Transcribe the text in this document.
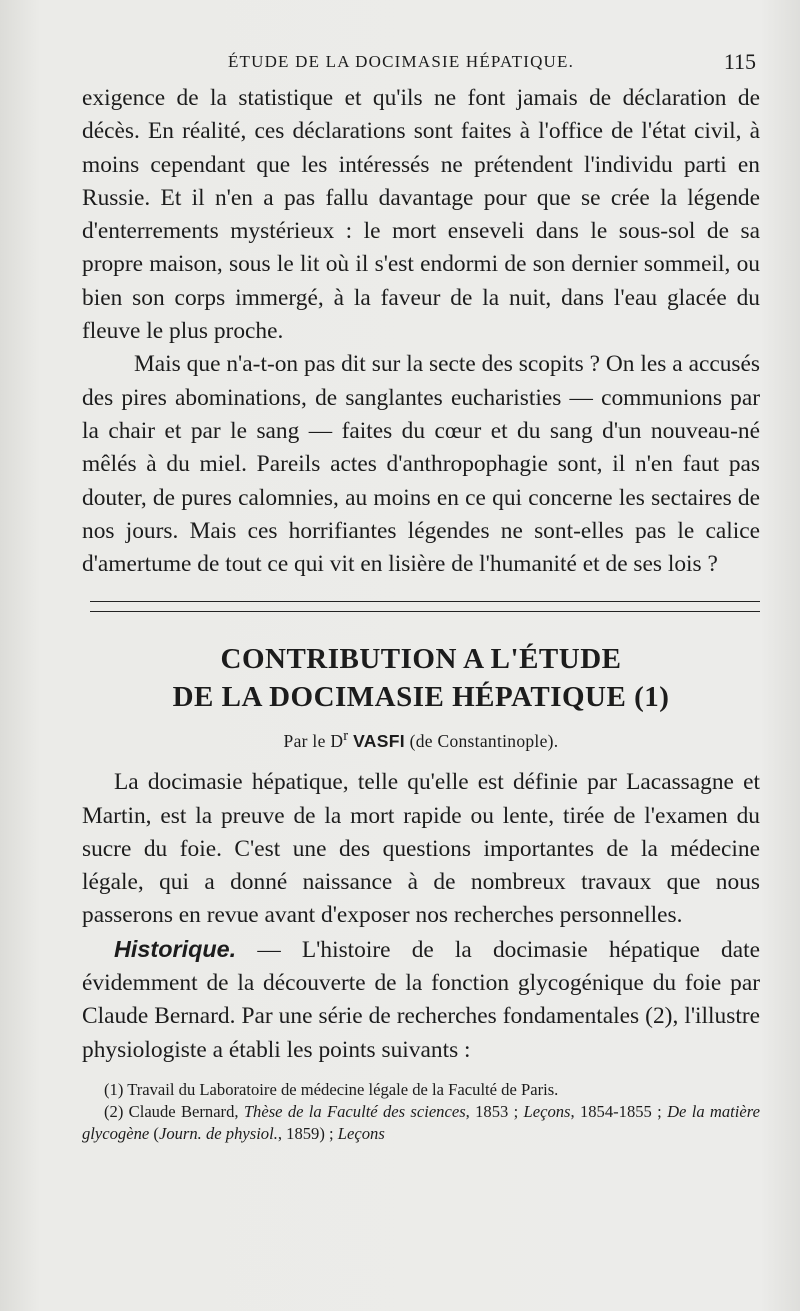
ÉTUDE DE LA DOCIMASIE HÉPATIQUE.	115

exigence de la statistique et qu'ils ne font jamais de déclaration de décès. En réalité, ces déclarations sont faites à l'office de l'état civil, à moins cependant que les intéressés ne prétendent l'individu parti en Russie. Et il n'en a pas fallu davantage pour que se crée la légende d'enterrements mystérieux : le mort enseveli dans le sous-sol de sa propre maison, sous le lit où il s'est endormi de son dernier sommeil, ou bien son corps immergé, à la faveur de la nuit, dans l'eau glacée du fleuve le plus proche.

Mais que n'a-t-on pas dit sur la secte des scopits ? On les a accusés des pires abominations, de sanglantes eucharisties — communions par la chair et par le sang — faites du cœur et du sang d'un nouveau-né mêlés à du miel. Pareils actes d'anthropophagie sont, il n'en faut pas douter, de pures calomnies, au moins en ce qui concerne les sectaires de nos jours. Mais ces horrifiantes légendes ne sont-elles pas le calice d'amertume de tout ce qui vit en lisière de l'humanité et de ses lois ?

CONTRIBUTION A L'ÉTUDE
DE LA DOCIMASIE HÉPATIQUE (1)
Par le $D^r$ VASFI (de Constantinople).

La docimasie hépatique, telle qu'elle est définie par Lacassagne et Martin, est la preuve de la mort rapide ou lente, tirée de l'examen du sucre du foie. C'est une des questions importantes de la médecine légale, qui a donné naissance à de nombreux travaux que nous passerons en revue avant d'exposer nos recherches personnelles.

Historique. — L'histoire de la docimasie hépatique date évidemment de la découverte de la fonction glycogénique du foie par Claude Bernard. Par une série de recherches fondamentales (2), l'illustre physiologiste a établi les points suivants :

(1) Travail du Laboratoire de médecine légale de la Faculté de Paris.

(2) Claude Bernard, Thèse de la Faculté des sciences, 1853 ; Leçons, 1854-1855 ; De la matière glycogène (Journ. de physiol., 1859) ; Leçons
